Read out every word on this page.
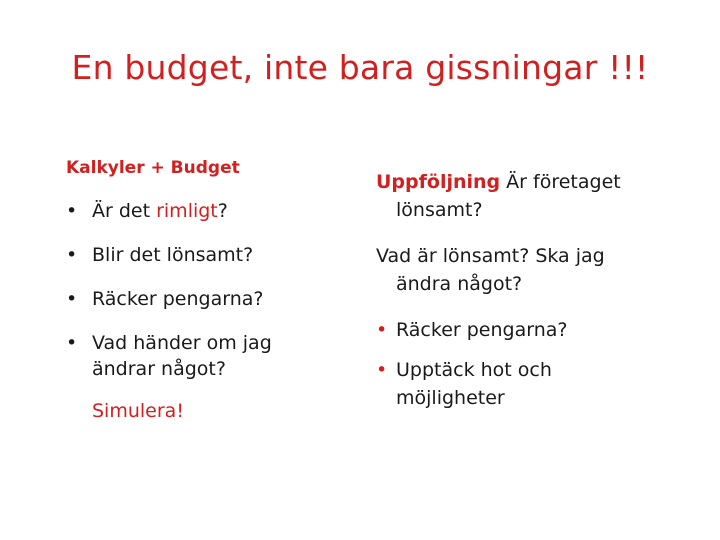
En budget, inte bara gissningar !!!
Kalkyler + Budget
• Är det rimligt?
• Blir det lönsamt?
• Räcker pengarna?
• Vad händer om jag
ändrar något?
Simulera!
Uppföljning Är företaget
lönsamt?
Vad är lönsamt? Ska jag
ändra något?
• Räcker pengarna?
• Upptäck hot och
möjligheter
